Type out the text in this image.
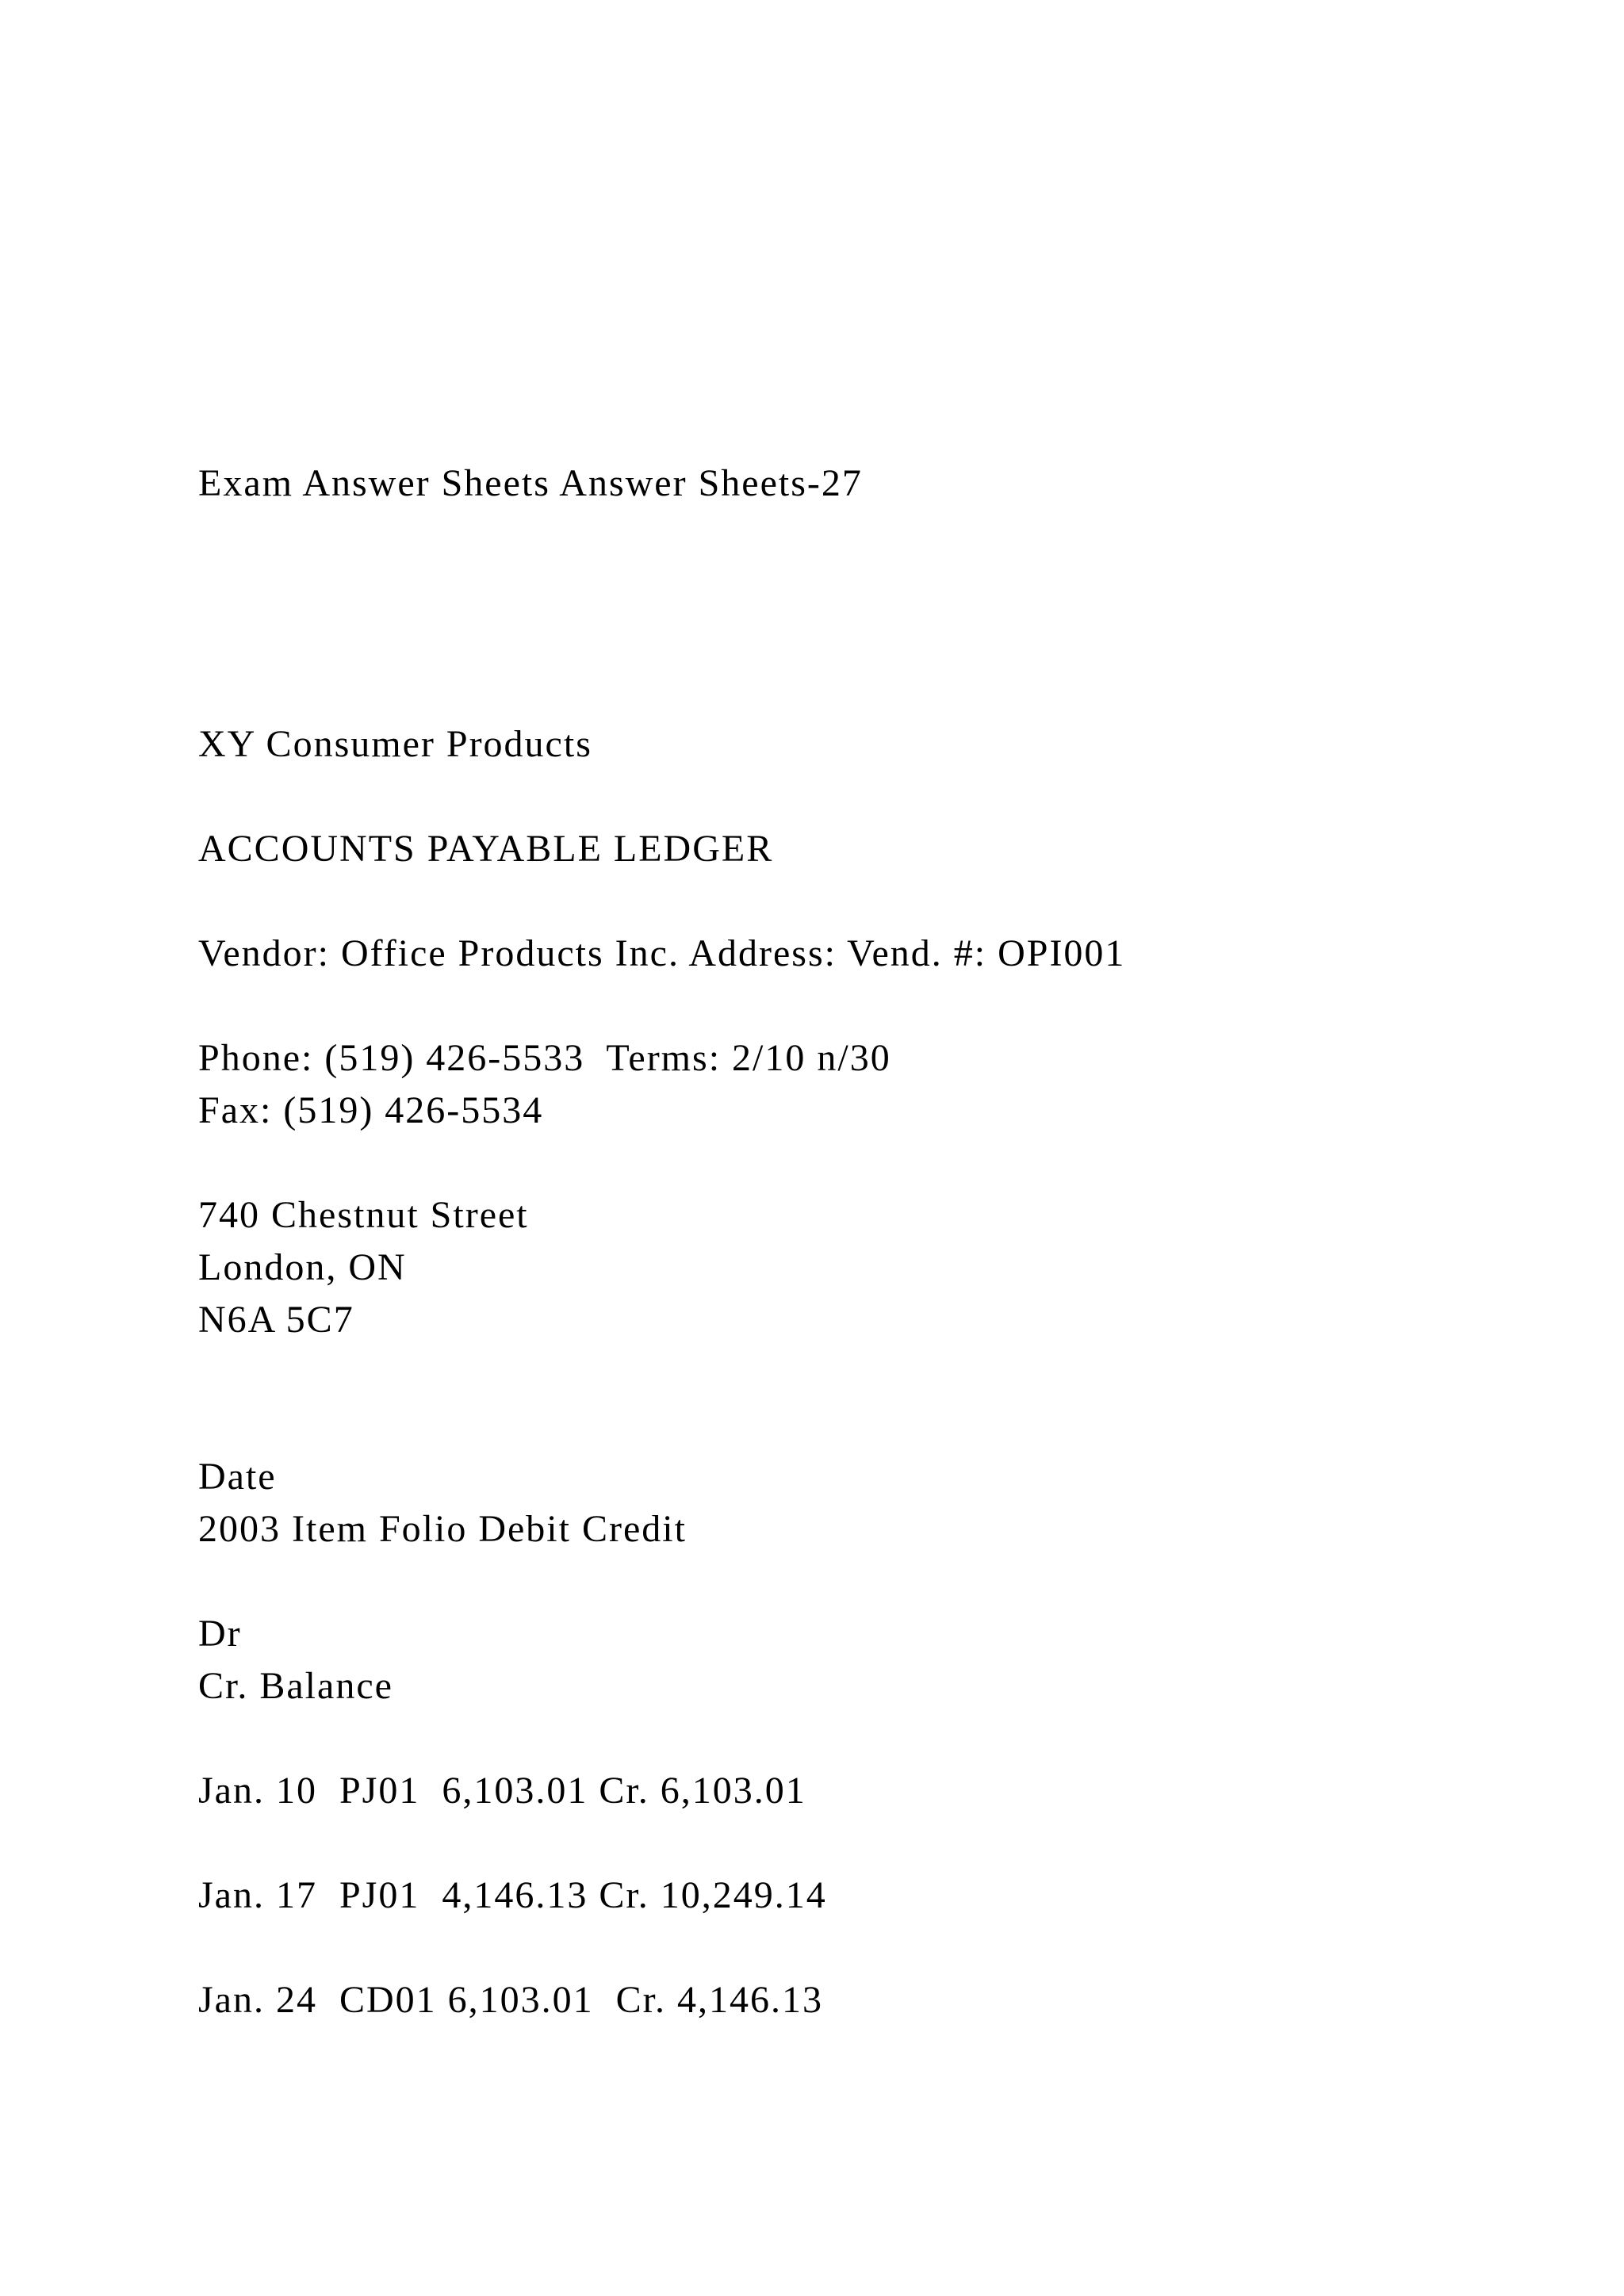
Exam Answer Sheets Answer Sheets-27

XY Consumer Products

ACCOUNTS PAYABLE LEDGER

Vendor: Office Products Inc. Address: Vend. #: OPI001

Phone: (519) 426-5533  Terms: 2/10 n/30

Fax: (519) 426-5534

740 Chestnut Street

London, ON

N6A 5C7

Date

2003 Item Folio Debit Credit

Dr

Cr. Balance

Jan. 10  PJ01  6,103.01 Cr. 6,103.01

Jan. 17  PJ01  4,146.13 Cr. 10,249.14

Jan. 24  CD01 6,103.01  Cr. 4,146.13
